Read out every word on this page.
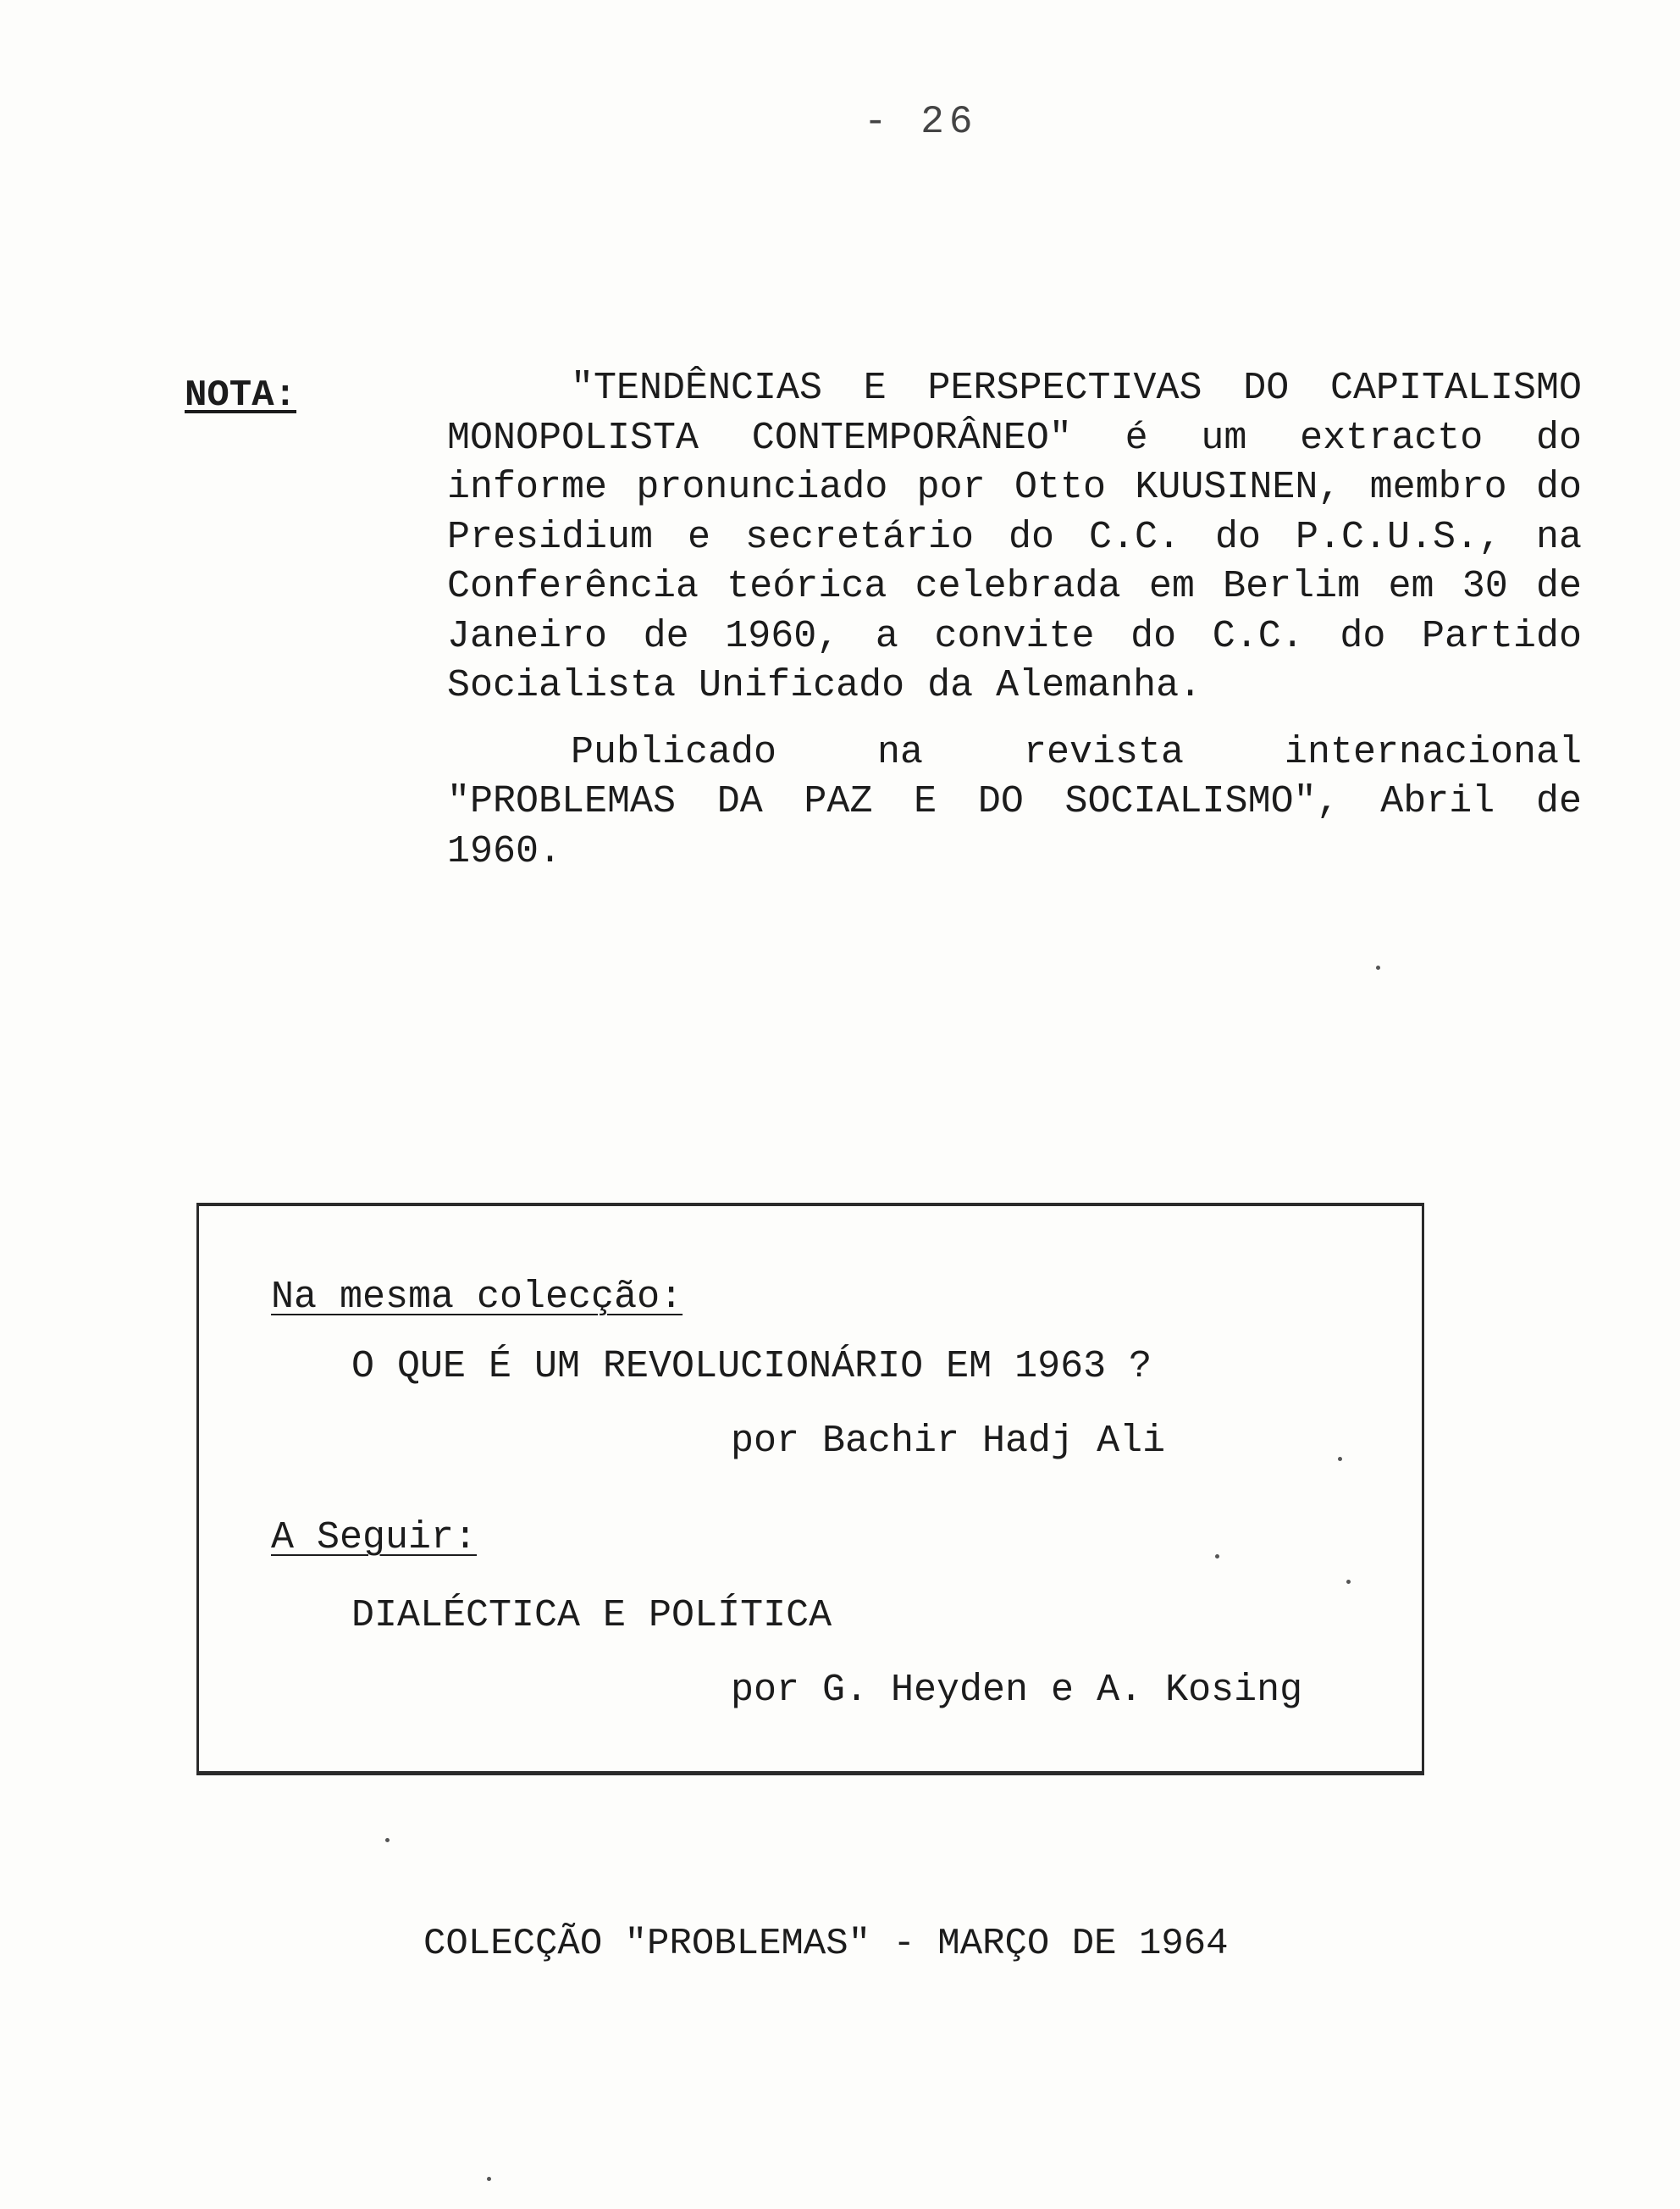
- 26
NOTA:	"TENDÊNCIAS E PERSPECTIVAS DO CAPITALISMO MONOPOLISTA CONTEMPORÂNEO" é um extracto do informe pronunciado por Otto KUUSINEN, membro do Presidium e secretário do C.C. do P.C.U.S., na Conferência teórica celebrada em Berlim em 30 de Janeiro de 1960, a convite do C.C. do Partido Socialista Unificado da Alemanha.

Publicado na revista internacional "PROBLEMAS DA PAZ E DO SOCIALISMO", Abril de 1960.

Na mesma colecção:
O QUE É UM REVOLUCIONÁRIO EM 1963 ?
por Bachir Hadj Ali
A Seguir:
DIALÉCTICA E POLÍTICA
por G. Heyden e A. Kosing
COLECÇÃO "PROBLEMAS" - MARÇO DE 1964
